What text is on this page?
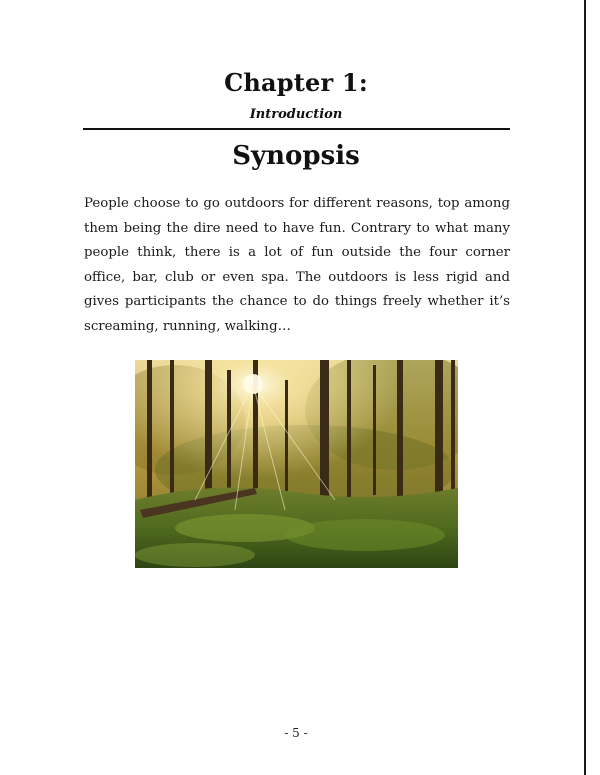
Chapter 1:
Introduction
Synopsis

People choose to go outdoors for different reasons, top among them being the dire need to have fun. Contrary to what many people think, there is a lot of fun outside the four corner office, bar, club or even spa. The outdoors is less rigid and gives participants the chance to do things freely whether it’s screaming, running, walking…

- 5 -
